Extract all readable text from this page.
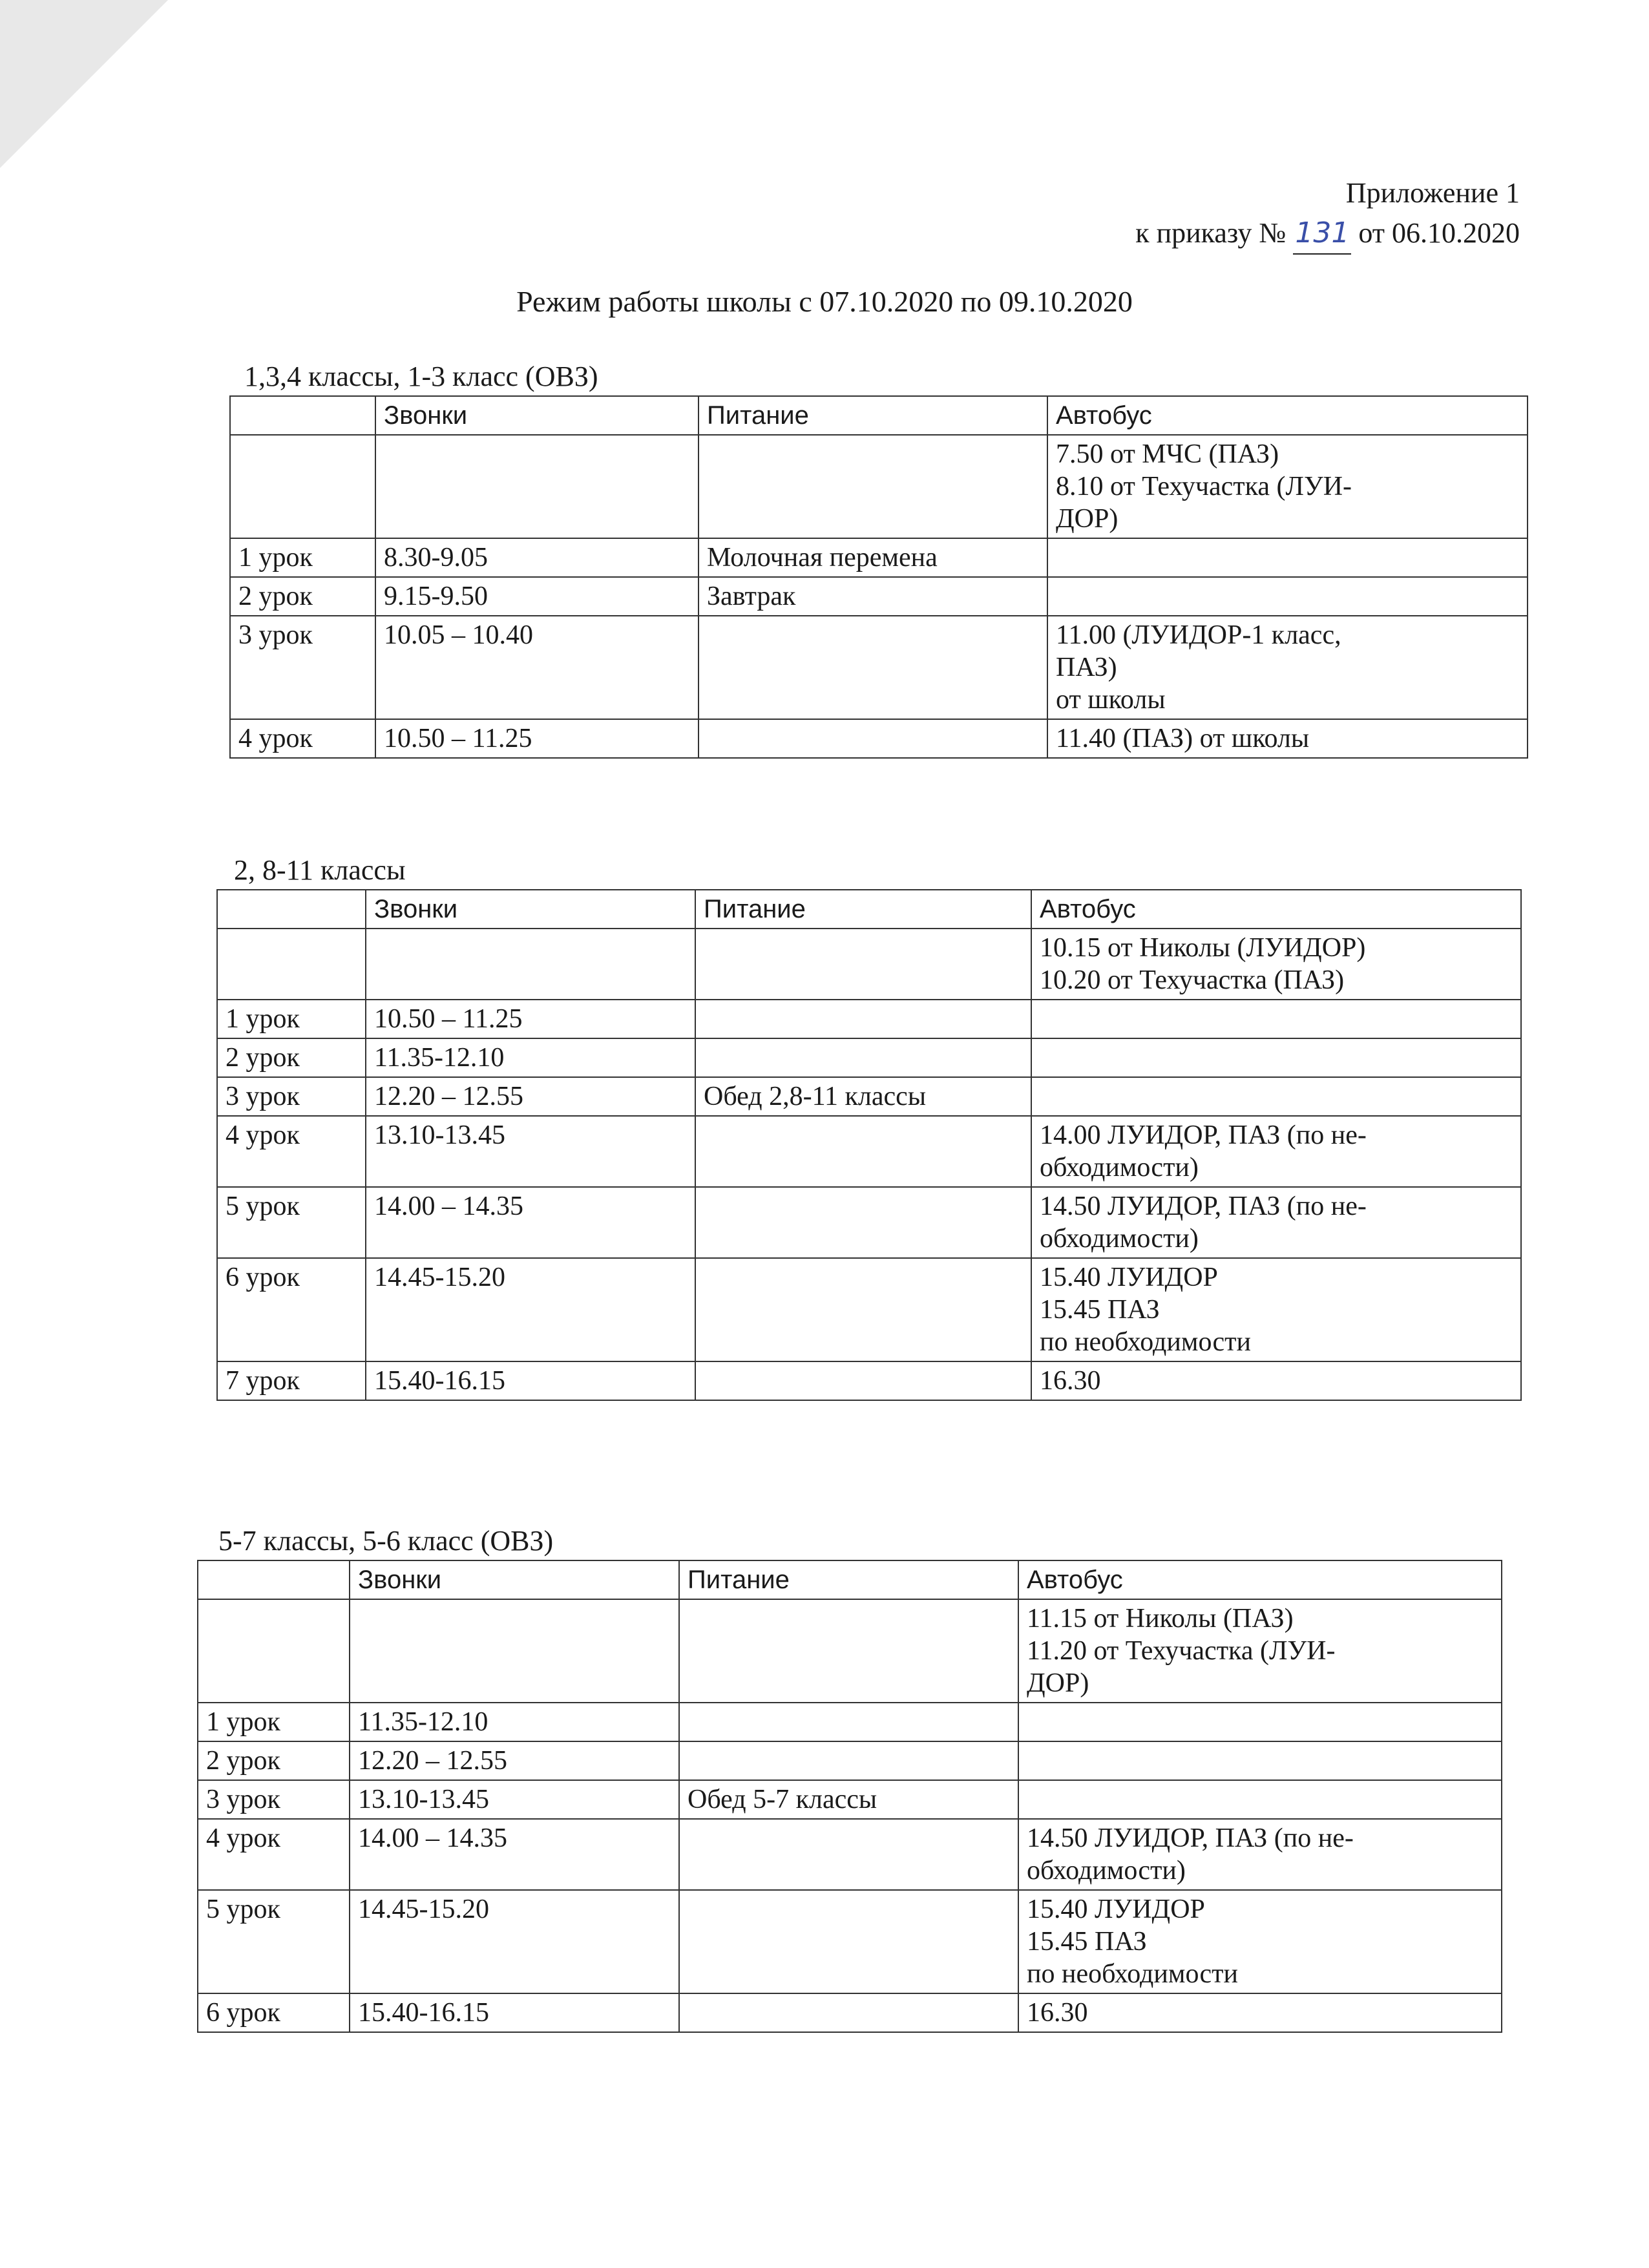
Приложение 1
к приказу № 131 от 06.10.2020
Режим работы школы с 07.10.2020 по 09.10.2020
1,3,4 классы, 1-3 класс (ОВЗ)
	Звонки	Питание	Автобус

			7.50 от МЧС (ПАЗ)
8.10 от Техучастка (ЛУИ-
ДОР)

1 урок	8.30-9.05	Молочная перемена	
2 урок	9.15-9.50	Завтрак	
3 урок	10.05 – 10.40		11.00 (ЛУИДОР-1 класс,
ПАЗ)
от школы

4 урок	10.50 – 11.25		11.40 (ПАЗ) от школы
2, 8-11 классы
	Звонки	Питание	Автобус

			10.15 от Николы (ЛУИДОР)
10.20 от Техучастка (ПАЗ)

1 урок	10.50 – 11.25		
2 урок	11.35-12.10		
3 урок	12.20 – 12.55	Обед 2,8-11 классы	
4 урок	13.10-13.45		14.00 ЛУИДОР, ПАЗ (по не-
обходимости)

5 урок	14.00 – 14.35		14.50 ЛУИДОР, ПАЗ (по не-
обходимости)

6 урок	14.45-15.20		15.40 ЛУИДОР
15.45 ПАЗ
по необходимости

7 урок	15.40-16.15		16.30
5-7 классы, 5-6 класс (ОВЗ)
	Звонки	Питание	Автобус

			11.15 от Николы (ПАЗ)
11.20 от Техучастка (ЛУИ-
ДОР)

1 урок	11.35-12.10		
2 урок	12.20 – 12.55		
3 урок	13.10-13.45	Обед 5-7 классы	
4 урок	14.00 – 14.35		14.50 ЛУИДОР, ПАЗ (по не-
обходимости)

5 урок	14.45-15.20		15.40 ЛУИДОР
15.45 ПАЗ
по необходимости

6 урок	15.40-16.15		16.30
